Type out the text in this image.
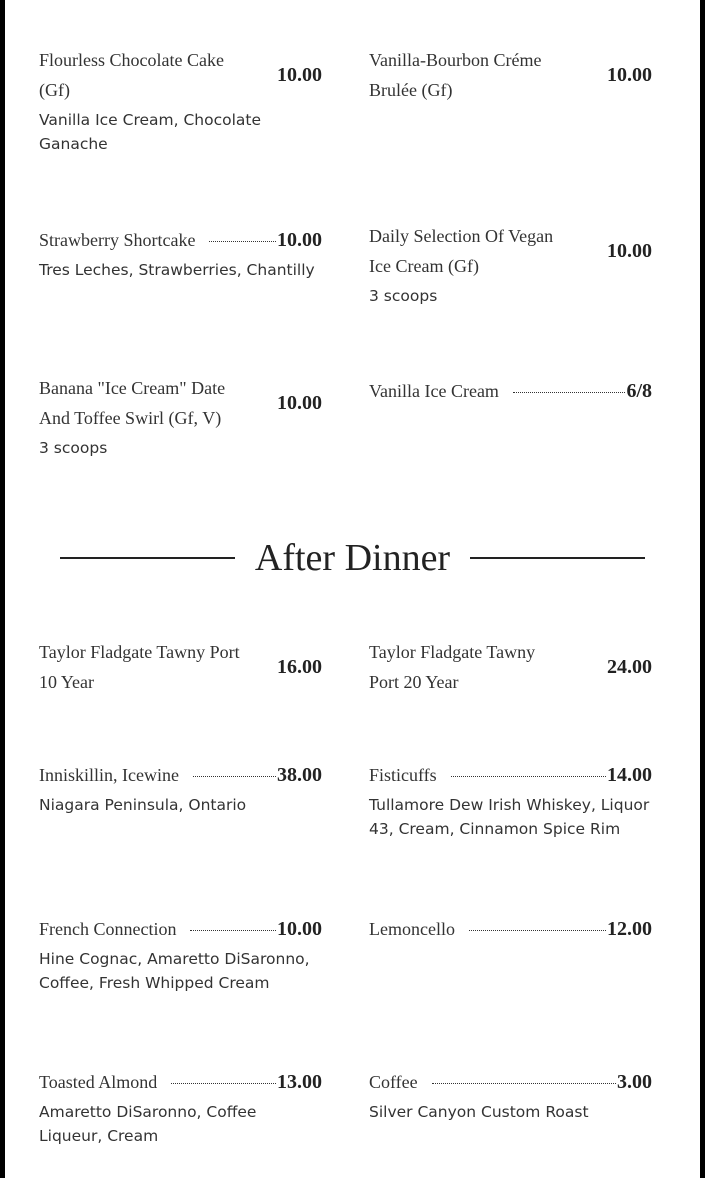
Flourless Chocolate Cake
(Gf)
10.00
Vanilla Ice Cream, Chocolate Ganache
Vanilla-Bourbon Créme
Brulée (Gf)
10.00
Strawberry Shortcake	10.00
Tres Leches, Strawberries, Chantilly
Daily Selection Of Vegan
Ice Cream (Gf)
10.00
3 scoops
Banana "Ice Cream" Date
And Toffee Swirl (Gf, V)
10.00
3 scoops
Vanilla Ice Cream	6/8
After Dinner
Taylor Fladgate Tawny Port
10 Year
16.00
Taylor Fladgate Tawny
Port 20 Year
24.00
Inniskillin, Icewine	38.00
Niagara Peninsula, Ontario
Fisticuffs	14.00
Tullamore Dew Irish Whiskey, Liquor 43, Cream, Cinnamon Spice Rim
French Connection	10.00
Hine Cognac, Amaretto DiSaronno, Coffee, Fresh Whipped Cream
Lemoncello	12.00
Toasted Almond	13.00
Amaretto DiSaronno, Coffee Liqueur, Cream
Coffee	3.00
Silver Canyon Custom Roast
